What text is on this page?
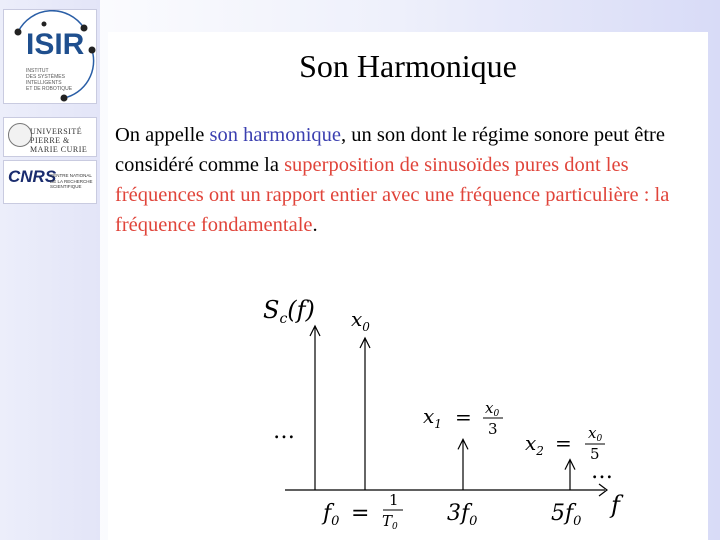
ISIR
INSTITUT
DES SYSTÈMES
INTELLIGENTS
ET DE ROBOTIQUE
UNIVERSITÉ
PIERRE & MARIE CURIE
CNRS
CENTRE NATIONAL
DE LA RECHERCHE
SCIENTIFIQUE
Son Harmonique
On appelle son harmonique, un son dont le régime sonore peut être considéré comme la superposition de sinusoïdes pures dont les fréquences ont un rapport entier avec une fréquence particulière : la fréquence fondamentale.
$S_c(f)$
f
…
…
$x_0$
$x_1 = x_0$
3
$x_2 = x_0$
5
$f_0$ =
1
$T_0$
$3f_0$	$5f_0$
